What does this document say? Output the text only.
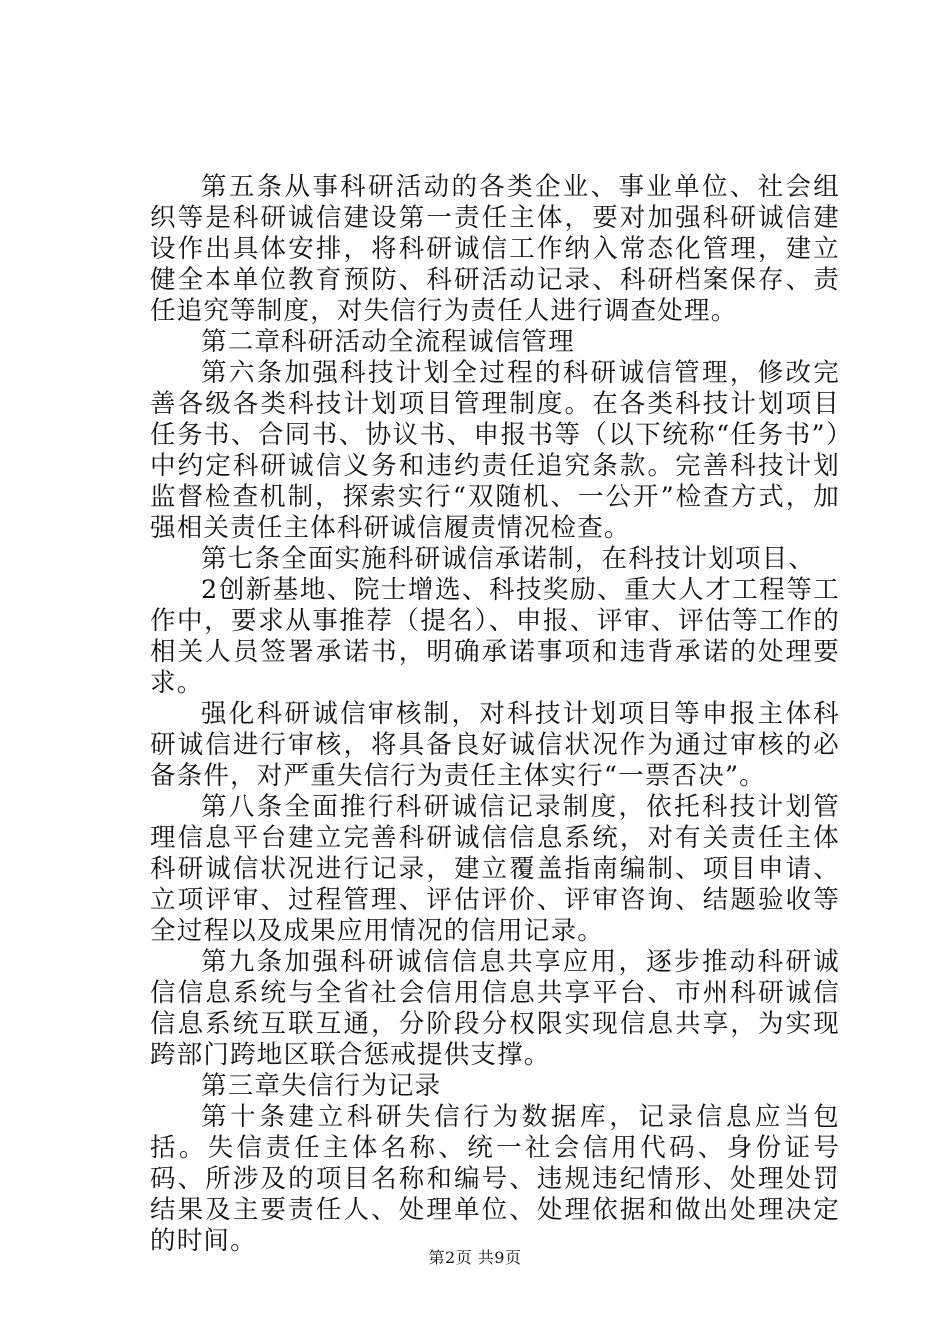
第五条从事科研活动的各类企业、事业单位、社会组织等是科研诚信建设第一责任主体，要对加强科研诚信建设作出具体安排，将科研诚信工作纳入常态化管理，建立健全本单位教育预防、科研活动记录、科研档案保存、责任追究等制度，对失信行为责任人进行调查处理。

第二章科研活动全流程诚信管理

第六条加强科技计划全过程的科研诚信管理，修改完善各级各类科技计划项目管理制度。在各类科技计划项目任务书、合同书、协议书、申报书等（以下统称“任务书”）中约定科研诚信义务和违约责任追究条款。完善科技计划监督检查机制，探索实行“双随机、一公开”检查方式，加强相关责任主体科研诚信履责情况检查。

第七条全面实施科研诚信承诺制，在科技计划项目、

2创新基地、院士增选、科技奖励、重大人才工程等工作中，要求从事推荐（提名）、申报、评审、评估等工作的相关人员签署承诺书，明确承诺事项和违背承诺的处理要求。

强化科研诚信审核制，对科技计划项目等申报主体科研诚信进行审核，将具备良好诚信状况作为通过审核的必备条件，对严重失信行为责任主体实行“一票否决”。

第八条全面推行科研诚信记录制度，依托科技计划管理信息平台建立完善科研诚信信息系统，对有关责任主体科研诚信状况进行记录，建立覆盖指南编制、项目申请、立项评审、过程管理、评估评价、评审咨询、结题验收等全过程以及成果应用情况的信用记录。

第九条加强科研诚信信息共享应用，逐步推动科研诚信信息系统与全省社会信用信息共享平台、市州科研诚信信息系统互联互通，分阶段分权限实现信息共享，为实现跨部门跨地区联合惩戒提供支撑。

第三章失信行为记录

第十条建立科研失信行为数据库，记录信息应当包括。失信责任主体名称、统一社会信用代码、身份证号码、所涉及的项目名称和编号、违规违纪情形、处理处罚结果及主要责任人、处理单位、处理依据和做出处理决定的时间。

第2页 共9页
